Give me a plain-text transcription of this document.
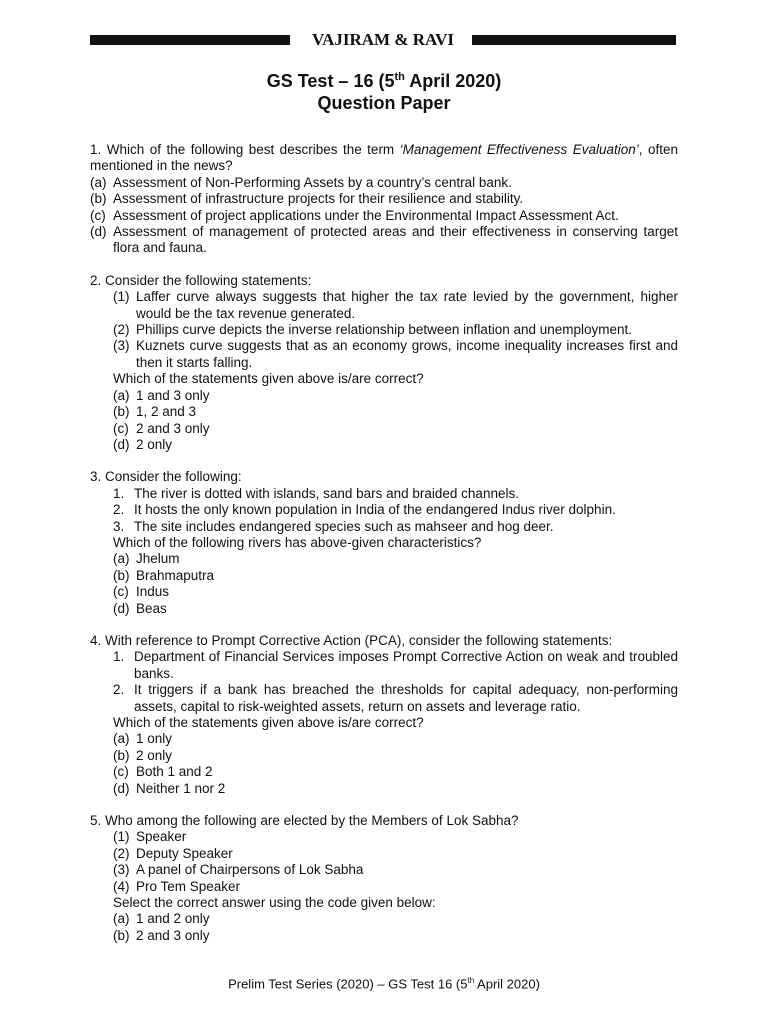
VAJIRAM & RAVI
GS Test – 16 (5th April 2020)
Question Paper
1. Which of the following best describes the term ‘Management Effectiveness Evaluation’, often mentioned in the news?
(a) Assessment of Non-Performing Assets by a country’s central bank.
(b) Assessment of infrastructure projects for their resilience and stability.
(c) Assessment of project applications under the Environmental Impact Assessment Act.
(d) Assessment of management of protected areas and their effectiveness in conserving target flora and fauna.
2. Consider the following statements:
(1) Laffer curve always suggests that higher the tax rate levied by the government, higher would be the tax revenue generated.
(2) Phillips curve depicts the inverse relationship between inflation and unemployment.
(3) Kuznets curve suggests that as an economy grows, income inequality increases first and then it starts falling.
Which of the statements given above is/are correct?
(a) 1 and 3 only
(b) 1, 2 and 3
(c) 2 and 3 only
(d) 2 only
3. Consider the following:
1. The river is dotted with islands, sand bars and braided channels.
2. It hosts the only known population in India of the endangered Indus river dolphin.
3. The site includes endangered species such as mahseer and hog deer.
Which of the following rivers has above-given characteristics?
(a) Jhelum
(b) Brahmaputra
(c) Indus
(d) Beas
4. With reference to Prompt Corrective Action (PCA), consider the following statements:
1. Department of Financial Services imposes Prompt Corrective Action on weak and troubled banks.
2. It triggers if a bank has breached the thresholds for capital adequacy, non-performing assets, capital to risk-weighted assets, return on assets and leverage ratio.
Which of the statements given above is/are correct?
(a) 1 only
(b) 2 only
(c) Both 1 and 2
(d) Neither 1 nor 2
5. Who among the following are elected by the Members of Lok Sabha?
(1) Speaker
(2) Deputy Speaker
(3) A panel of Chairpersons of Lok Sabha
(4) Pro Tem Speaker
Select the correct answer using the code given below:
(a) 1 and 2 only
(b) 2 and 3 only
Prelim Test Series (2020) – GS Test 16 (5th April 2020)
